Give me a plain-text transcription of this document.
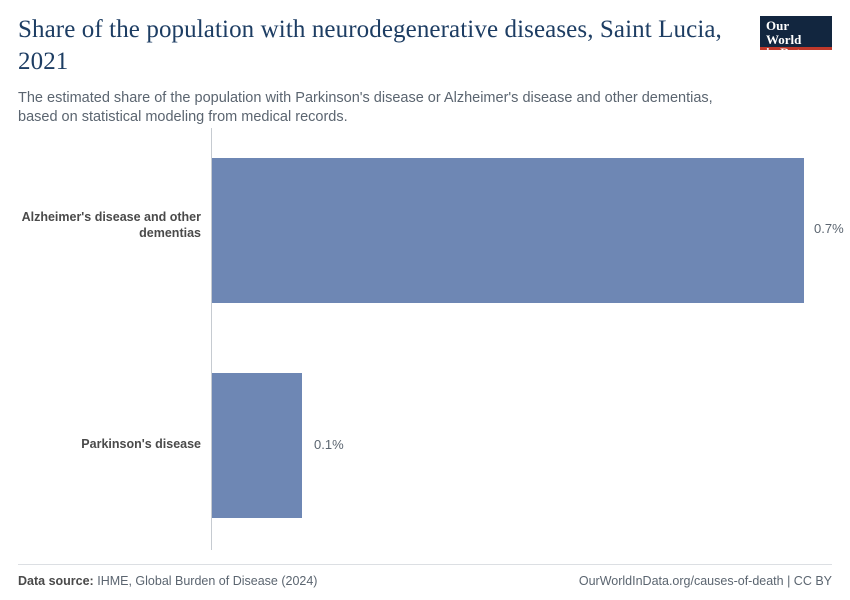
Share of the population with neurodegenerative diseases, Saint Lucia, 2021
The estimated share of the population with Parkinson's disease or Alzheimer's disease and other dementias, based on statistical modeling from medical records.
Our World
in Data
Alzheimer's disease and other dementias	0.7%
Parkinson's disease	0.1%
Data source: IHME, Global Burden of Disease (2024)	OurWorldInData.org/causes-of-death | CC BY
